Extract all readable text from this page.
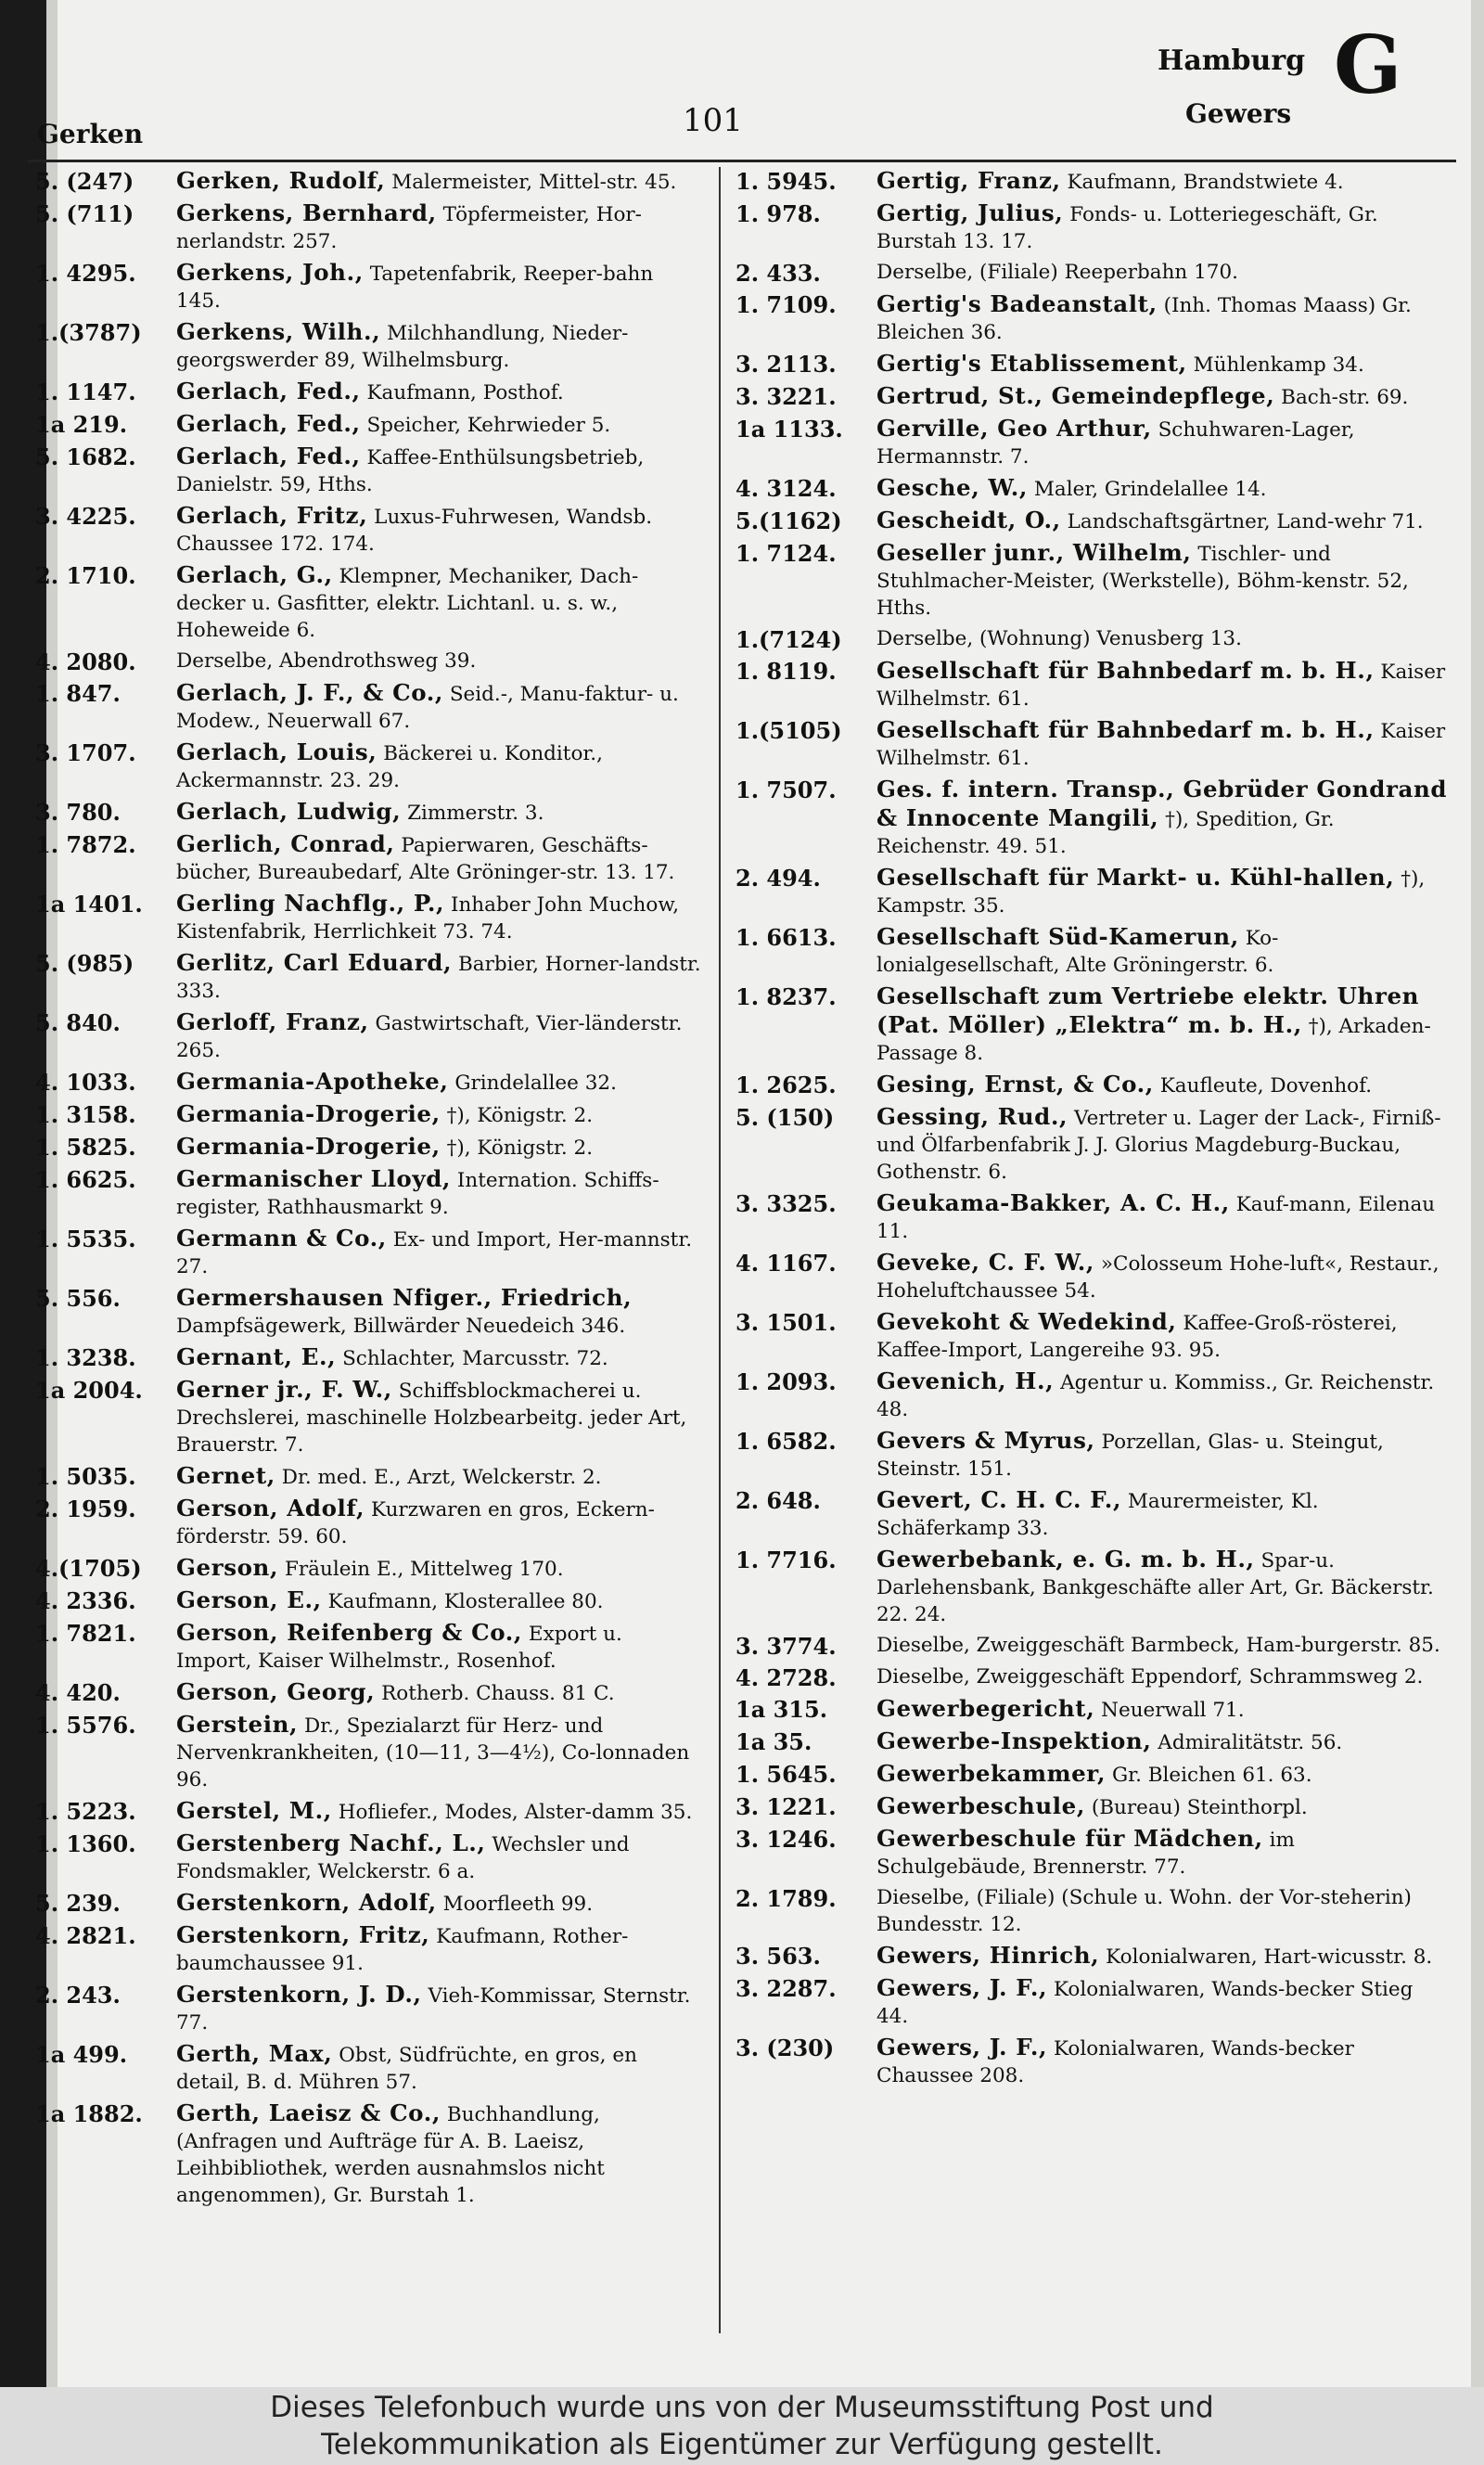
Gerken	101
Hamburg
Gewers
G
5. (247)	Gerken, Rudolf, Malermeister, Mittel-str. 45.
5. (711)	Gerkens, Bernhard, Töpfermeister, Hor-nerlandstr. 257.
1. 4295.	Gerkens, Joh., Tapetenfabrik, Reeper-bahn 145.
1.(3787)	Gerkens, Wilh., Milchhandlung, Nieder-georgswerder 89, Wilhelmsburg.
1. 1147.	Gerlach, Fed., Kaufmann, Posthof.
1a 219.	Gerlach, Fed., Speicher, Kehrwieder 5.
5. 1682.	Gerlach, Fed., Kaffee-Enthülsungsbetrieb, Danielstr. 59, Hths.
3. 4225.	Gerlach, Fritz, Luxus-Fuhrwesen, Wandsb. Chaussee 172. 174.
2. 1710.	Gerlach, G., Klempner, Mechaniker, Dach-decker u. Gasfitter, elektr. Lichtanl. u. s. w., Hoheweide 6.
4. 2080.	Derselbe, Abendrothsweg 39.
1. 847.	Gerlach, J. F., & Co., Seid.-, Manu-faktur- u. Modew., Neuerwall 67.
3. 1707.	Gerlach, Louis, Bäckerei u. Konditor., Ackermannstr. 23. 29.
3. 780.	Gerlach, Ludwig, Zimmerstr. 3.
1. 7872.	Gerlich, Conrad, Papierwaren, Geschäfts-bücher, Bureaubedarf, Alte Gröninger-str. 13. 17.
1a 1401.	Gerling Nachflg., P., Inhaber John Muchow, Kistenfabrik, Herrlichkeit 73. 74.
5. (985)	Gerlitz, Carl Eduard, Barbier, Horner-landstr. 333.
5. 840.	Gerloff, Franz, Gastwirtschaft, Vier-länderstr. 265.
4. 1033.	Germania-Apotheke, Grindelallee 32.
1. 3158.	Germania-Drogerie, †), Königstr. 2.
1. 5825.	Germania-Drogerie, †), Königstr. 2.
1. 6625.	Germanischer Lloyd, Internation. Schiffs-register, Rathhausmarkt 9.
1. 5535.	Germann & Co., Ex- und Import, Her-mannstr. 27.
5. 556.	Germershausen Nfiger., Friedrich, Dampfsägewerk, Billwärder Neuedeich 346.
1. 3238.	Gernant, E., Schlachter, Marcusstr. 72.
1a 2004.	Gerner jr., F. W., Schiffsblockmacherei u. Drechslerei, maschinelle Holzbearbeitg. jeder Art, Brauerstr. 7.
1. 5035.	Gernet, Dr. med. E., Arzt, Welckerstr. 2.
2. 1959.	Gerson, Adolf, Kurzwaren en gros, Eckern-förderstr. 59. 60.
4.(1705)	Gerson, Fräulein E., Mittelweg 170.
4. 2336.	Gerson, E., Kaufmann, Klosterallee 80.
1. 7821.	Gerson, Reifenberg & Co., Export u. Import, Kaiser Wilhelmstr., Rosenhof.
4. 420.	Gerson, Georg, Rotherb. Chauss. 81 C.
1. 5576.	Gerstein, Dr., Spezialarzt für Herz- und Nervenkrankheiten, (10—11, 3—4½), Co-lonnaden 96.
1. 5223.	Gerstel, M., Hofliefer., Modes, Alster-damm 35.
1. 1360.	Gerstenberg Nachf., L., Wechsler und Fondsmakler, Welckerstr. 6 a.
5. 239.	Gerstenkorn, Adolf, Moorfleeth 99.
4. 2821.	Gerstenkorn, Fritz, Kaufmann, Rother-baumchaussee 91.
2. 243.	Gerstenkorn, J. D., Vieh-Kommissar, Sternstr. 77.
1a 499.	Gerth, Max, Obst, Südfrüchte, en gros, en detail, B. d. Mühren 57.
1a 1882.	Gerth, Laeisz & Co., Buchhandlung, (Anfragen und Aufträge für A. B. Laeisz, Leihbibliothek, werden ausnahmslos nicht angenommen), Gr. Burstah 1.
1. 5945.	Gertig, Franz, Kaufmann, Brandstwiete 4.
1. 978.	Gertig, Julius, Fonds- u. Lotteriegeschäft, Gr. Burstah 13. 17.
2. 433.	Derselbe, (Filiale) Reeperbahn 170.
1. 7109.	Gertig's Badeanstalt, (Inh. Thomas Maass) Gr. Bleichen 36.
3. 2113.	Gertig's Etablissement, Mühlenkamp 34.
3. 3221.	Gertrud, St., Gemeindepflege, Bach-str. 69.
1a 1133.	Gerville, Geo Arthur, Schuhwaren-Lager, Hermannstr. 7.
4. 3124.	Gesche, W., Maler, Grindelallee 14.
5.(1162)	Gescheidt, O., Landschaftsgärtner, Land-wehr 71.
1. 7124.	Geseller junr., Wilhelm, Tischler- und Stuhlmacher-Meister, (Werkstelle), Böhm-kenstr. 52, Hths.
1.(7124)	Derselbe, (Wohnung) Venusberg 13.
1. 8119.	Gesellschaft für Bahnbedarf m. b. H., Kaiser Wilhelmstr. 61.
1.(5105)	Gesellschaft für Bahnbedarf m. b. H., Kaiser Wilhelmstr. 61.
1. 7507.	Ges. f. intern. Transp., Gebrüder Gondrand & Innocente Mangili, †), Spedition, Gr. Reichenstr. 49. 51.
2. 494.	Gesellschaft für Markt- u. Kühl-hallen, †), Kampstr. 35.
1. 6613.	Gesellschaft Süd-Kamerun, Ko-lonialgesellschaft, Alte Gröningerstr. 6.
1. 8237.	Gesellschaft zum Vertriebe elektr. Uhren (Pat. Möller) „Elektra“ m. b. H., †), Arkaden-Passage 8.
1. 2625.	Gesing, Ernst, & Co., Kaufleute, Dovenhof.
5. (150)	Gessing, Rud., Vertreter u. Lager der Lack-, Firniß- und Ölfarbenfabrik J. J. Glorius Magdeburg-Buckau, Gothenstr. 6.
3. 3325.	Geukama-Bakker, A. C. H., Kauf-mann, Eilenau 11.
4. 1167.	Geveke, C. F. W., »Colosseum Hohe-luft«, Restaur., Hoheluftchaussee 54.
3. 1501.	Gevekoht & Wedekind, Kaffee-Groß-rösterei, Kaffee-Import, Langereihe 93. 95.
1. 2093.	Gevenich, H., Agentur u. Kommiss., Gr. Reichenstr. 48.
1. 6582.	Gevers & Myrus, Porzellan, Glas- u. Steingut, Steinstr. 151.
2. 648.	Gevert, C. H. C. F., Maurermeister, Kl. Schäferkamp 33.
1. 7716.	Gewerbebank, e. G. m. b. H., Spar-u. Darlehensbank, Bankgeschäfte aller Art, Gr. Bäckerstr. 22. 24.
3. 3774.	Dieselbe, Zweiggeschäft Barmbeck, Ham-burgerstr. 85.
4. 2728.	Dieselbe, Zweiggeschäft Eppendorf, Schrammsweg 2.
1a 315.	Gewerbegericht, Neuerwall 71.
1a 35.	Gewerbe-Inspektion, Admiralitätstr. 56.
1. 5645.	Gewerbekammer, Gr. Bleichen 61. 63.
3. 1221.	Gewerbeschule, (Bureau) Steinthorpl.
3. 1246.	Gewerbeschule für Mädchen, im Schulgebäude, Brennerstr. 77.
2. 1789.	Dieselbe, (Filiale) (Schule u. Wohn. der Vor-steherin) Bundesstr. 12.
3. 563.	Gewers, Hinrich, Kolonialwaren, Hart-wicusstr. 8.
3. 2287.	Gewers, J. F., Kolonialwaren, Wands-becker Stieg 44.
3. (230)	Gewers, J. F., Kolonialwaren, Wands-becker Chaussee 208.
Dieses Telefonbuch wurde uns von der Museumsstiftung Post und
Telekommunikation als Eigentümer zur Verfügung gestellt.
